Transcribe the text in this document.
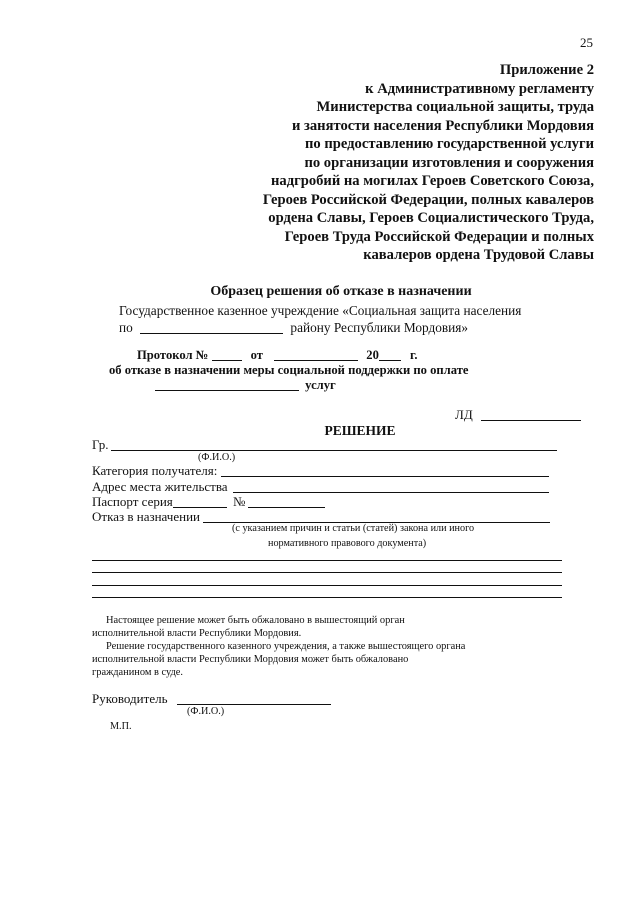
25
Приложение 2
к Административному регламенту
Министерства социальной защиты, труда
и занятости населения Республики Мордовия
по предоставлению государственной услуги
по организации изготовления и сооружения
надгробий на могилах Героев Советского Союза,
Героев Российской Федерации, полных кавалеров
ордена Славы, Героев Социалистического Труда,
Героев Труда Российской Федерации и полных
кавалеров ордена Трудовой Славы
Образец решения об отказе в назначении
Государственное казенное учреждение «Социальная защита населения
по	району Республики Мордовия»
Протокол №	от	20 г.
об отказе в назначении меры социальной поддержки по оплате
услуг
ЛД
РЕШЕНИЕ
Гр.
(Ф.И.О.)
Категория получателя:
Адрес места жительства
Паспорт серия	№
Отказ в назначении
(с указанием причин и статьи (статей) закона или иного
нормативного правового документа)
Настоящее решение может быть обжаловано в вышестоящий орган
исполнительной власти Республики Мордовия.
Решение государственного казенного учреждения, а также вышестоящего органа
исполнительной власти Республики Мордовия может быть обжаловано
гражданином в суде.
Руководитель
(Ф.И.О.)
М.П.
